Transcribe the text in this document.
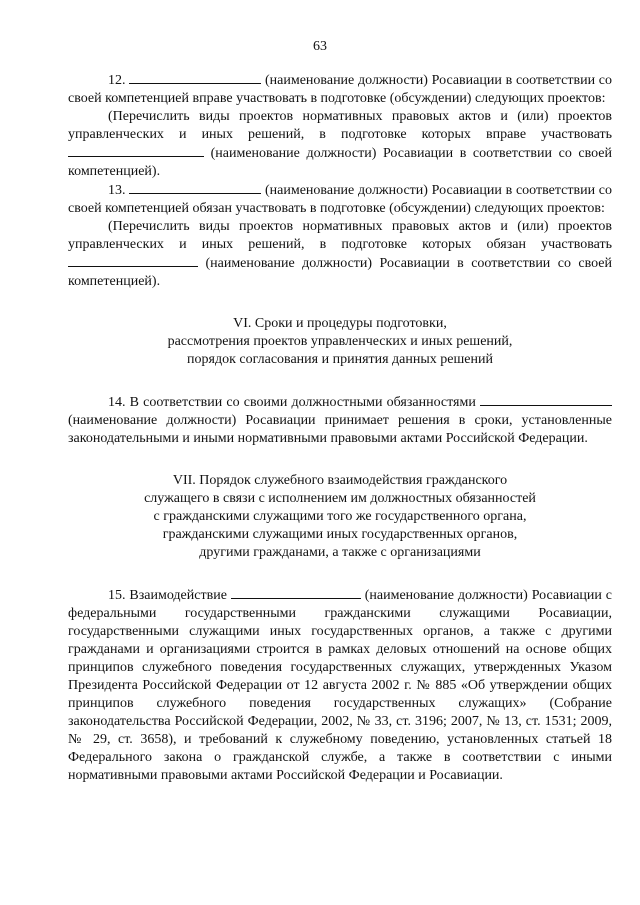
63

12.	(наименование должности) Росавиации в соответствии со своей компетенцией вправе участвовать в подготовке (обсуждении) следующих проектов:

(Перечислить виды проектов нормативных правовых актов и (или) проектов управленческих и иных решений, в подготовке которых вправе участвовать  (наименование должности) Росавиации в соответствии со своей компетенцией).

13.	(наименование должности) Росавиации в соответствии со своей компетенцией обязан участвовать в подготовке (обсуждении) следующих проектов:

(Перечислить виды проектов нормативных правовых актов и (или) проектов управленческих и иных решений, в подготовке которых обязан участвовать  (наименование должности) Росавиации в соответствии со своей компетенцией).

VI. Сроки и процедуры подготовки,

рассмотрения проектов управленческих и иных решений,

порядок согласования и принятия данных решений

14. В соответствии со своими должностными обязанностями  (наименование должности) Росавиации принимает решения в сроки, установленные законодательными и иными нормативными правовыми актами Российской Федерации.

VII. Порядок служебного взаимодействия гражданского

служащего в связи с исполнением им должностных обязанностей

с гражданскими служащими того же государственного органа,

гражданскими служащими иных государственных органов,

другими гражданами, а также с организациями

15. Взаимодействие	(наименование должности) Росавиации с федеральными государственными гражданскими служащими Росавиации, государственными служащими иных государственных органов, а также с другими гражданами и организациями строится в рамках деловых отношений на основе общих принципов служебного поведения государственных служащих, утвержденных Указом Президента Российской Федерации от 12 августа 2002 г. № 885 «Об утверждении общих принципов служебного поведения государственных служащих» (Собрание законодательства Российской Федерации, 2002, № 33, ст. 3196; 2007, № 13, ст. 1531; 2009, № 29, ст. 3658), и требований к служебному поведению, установленных статьей 18 Федерального закона о гражданской службе, а также в соответствии с иными нормативными правовыми актами Российской Федерации и Росавиации.
